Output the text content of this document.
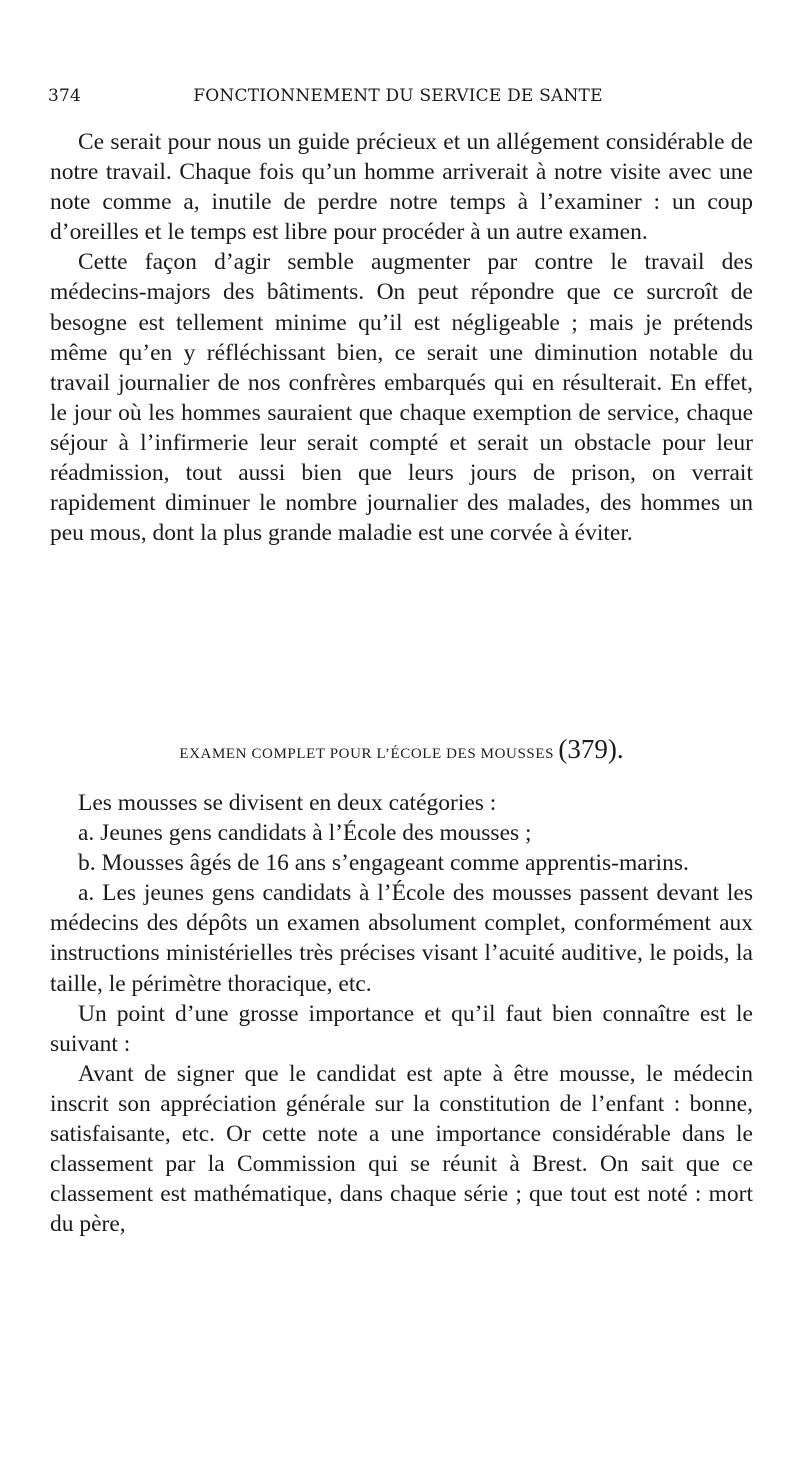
374	FONCTIONNEMENT DU SERVICE DE SANTE

Ce serait pour nous un guide précieux et un allégement considérable de notre travail. Chaque fois qu’un homme arriverait à notre visite avec une note comme a, inutile de perdre notre temps à l’examiner : un coup d’oreilles et le temps est libre pour procéder à un autre examen.

Cette façon d’agir semble augmenter par contre le travail des médecins-majors des bâtiments. On peut répondre que ce surcroît de besogne est tellement minime qu’il est négligeable ; mais je prétends même qu’en y réfléchissant bien, ce serait une diminution notable du travail journalier de nos confrères embarqués qui en résulterait. En effet, le jour où les hommes sauraient que chaque exemption de service, chaque séjour à l’infirmerie leur serait compté et serait un obstacle pour leur réadmission, tout aussi bien que leurs jours de prison, on verrait rapidement diminuer le nombre journalier des malades, des hommes un peu mous, dont la plus grande maladie est une corvée à éviter.

EXAMEN COMPLET POUR L’ÉCOLE DES MOUSSES (379).

Les mousses se divisent en deux catégories :

a. Jeunes gens candidats à l’École des mousses ;

b. Mousses âgés de 16 ans s’engageant comme apprentis-marins.

a. Les jeunes gens candidats à l’École des mousses passent devant les médecins des dépôts un examen absolument complet, conformément aux instructions ministérielles très précises visant l’acuité auditive, le poids, la taille, le périmètre thoracique, etc.

Un point d’une grosse importance et qu’il faut bien connaître est le suivant :

Avant de signer que le candidat est apte à être mousse, le médecin inscrit son appréciation générale sur la constitution de l’enfant : bonne, satisfaisante, etc. Or cette note a une importance considérable dans le classement par la Commission qui se réunit à Brest. On sait que ce classement est mathématique, dans chaque série ; que tout est noté : mort du père,
